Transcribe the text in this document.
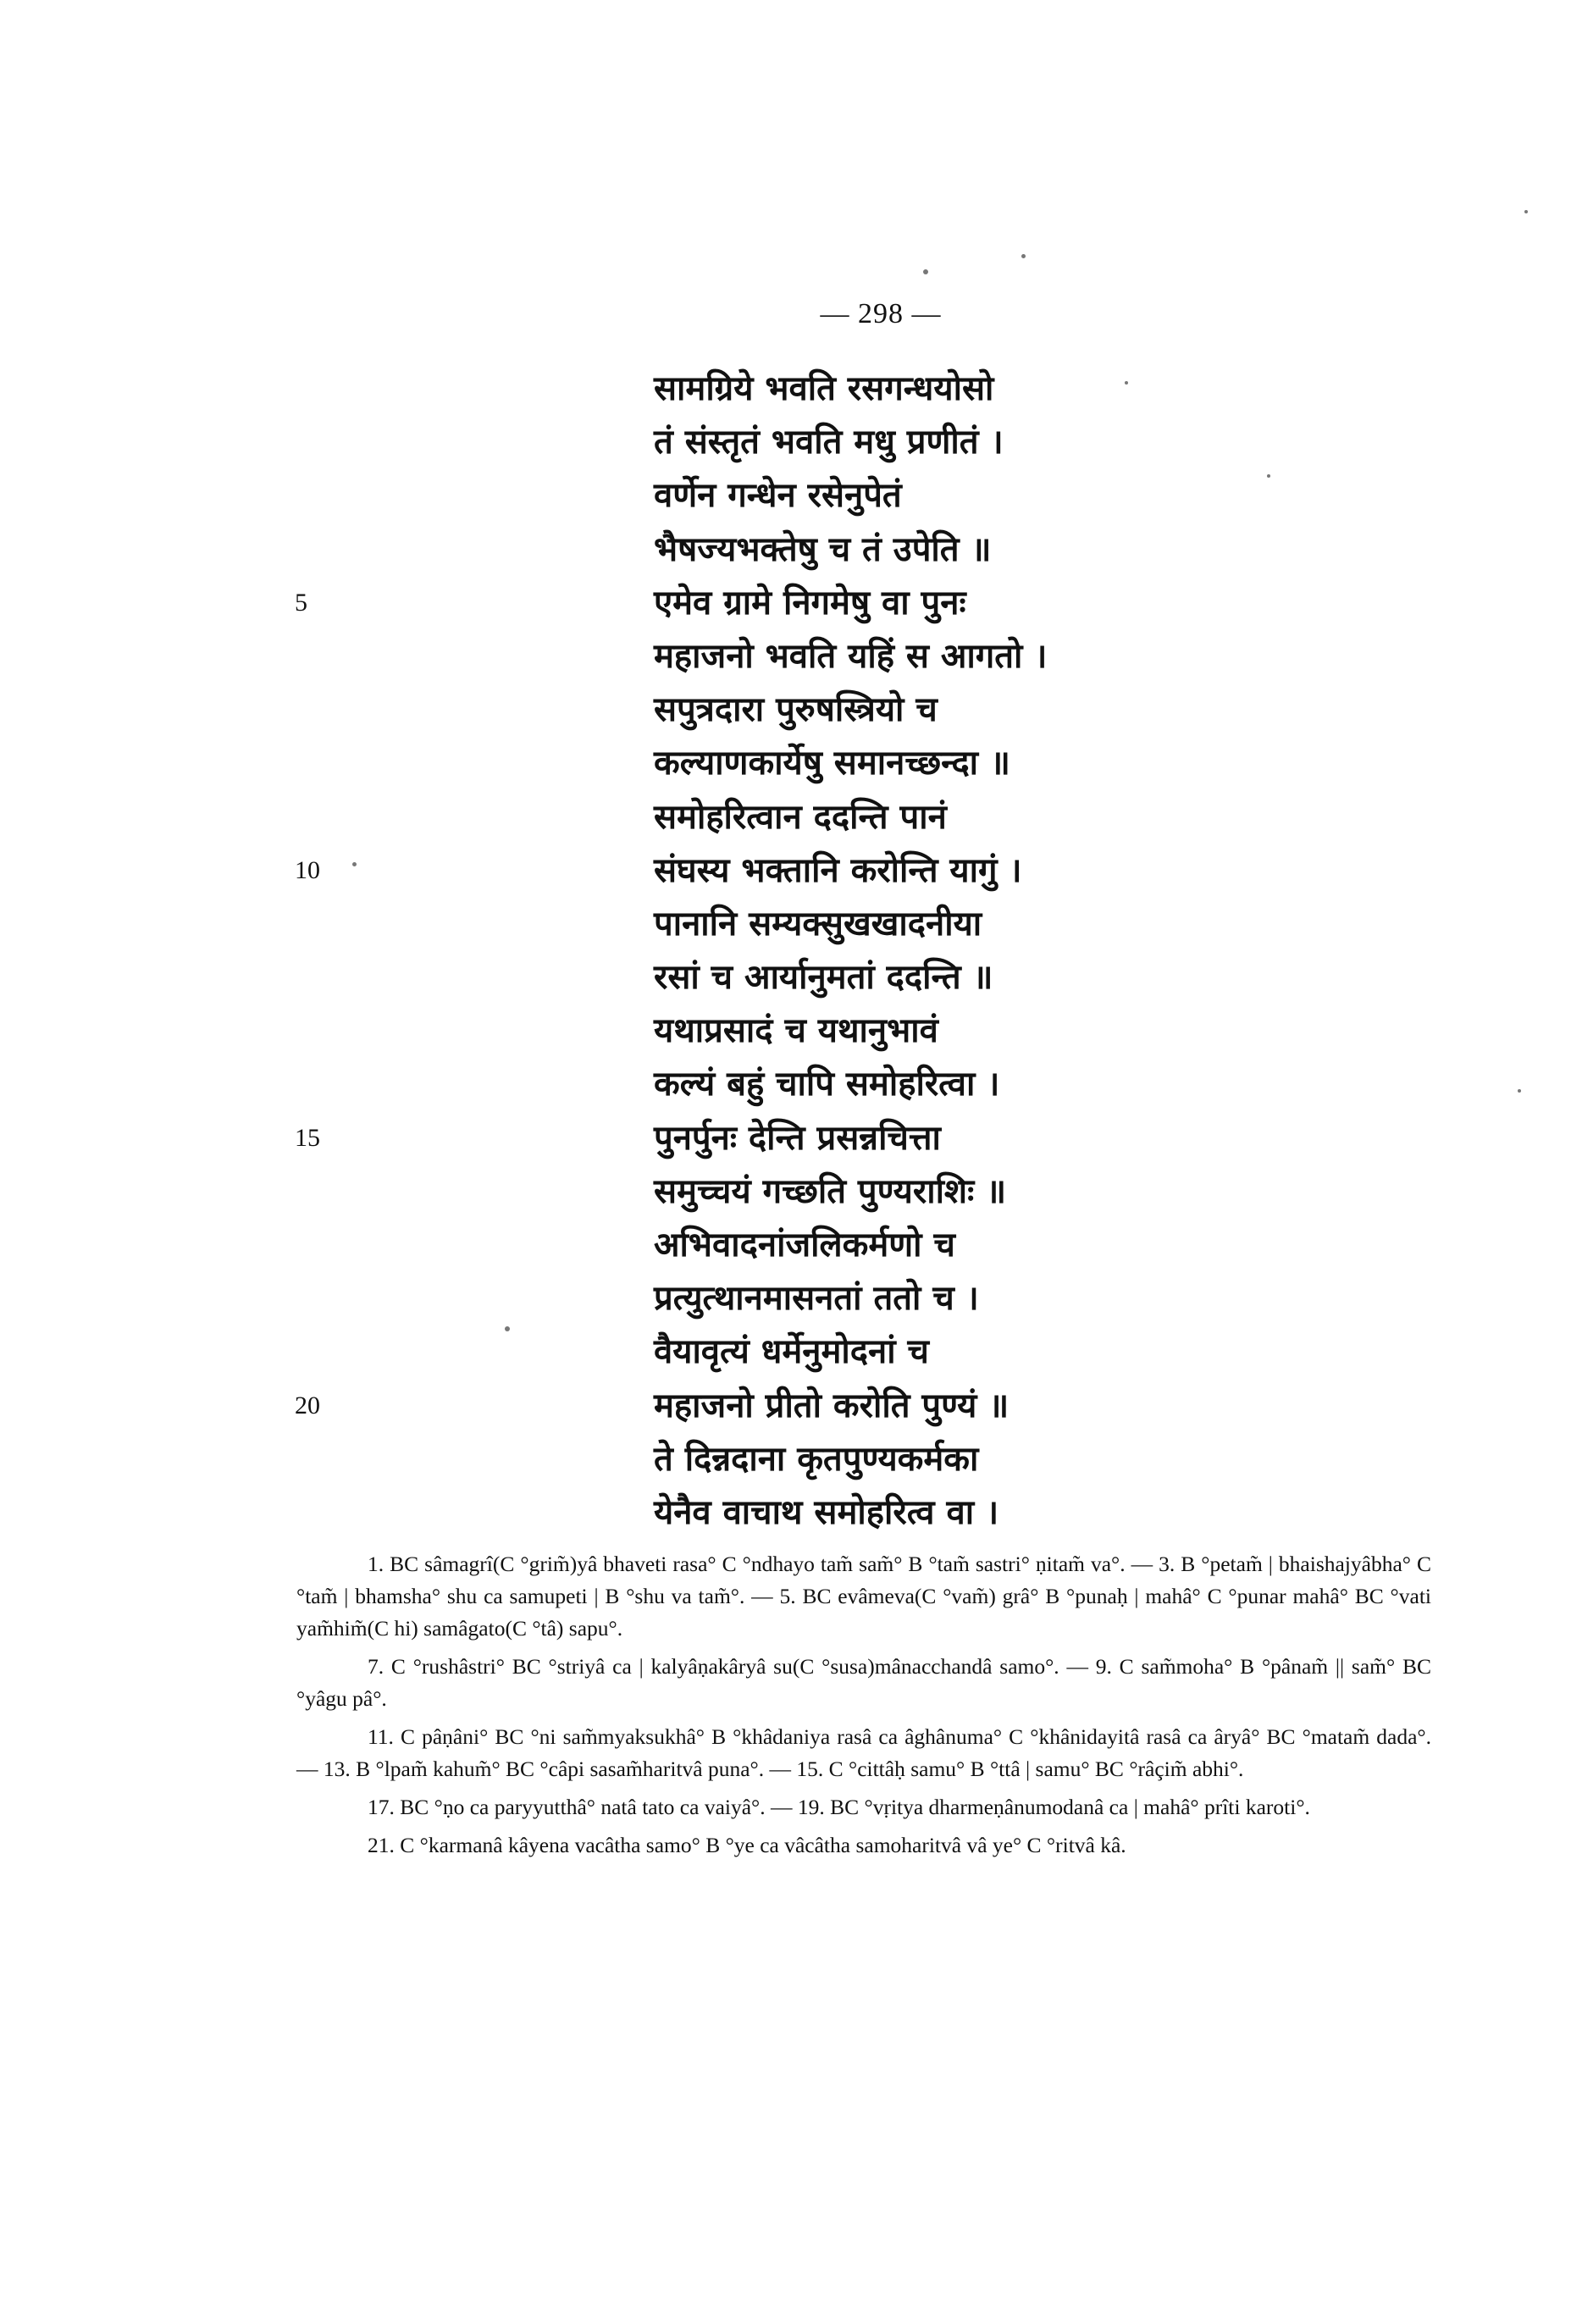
— 298 —
सामग्रिये भवति रसगन्धयोसो
तं संस्तृतं भवति मधु प्रणीतं ।
वर्णेन गन्धेन रसेनुपेतं
भैषज्यभक्तेषु च तं उपेति ॥
एमेव ग्रामे निगमेषु वा पुनः
महाजनो भवति यहिं स आगतो ।
सपुत्रदारा पुरुषस्त्रियो च
कल्याणकार्येषु समानच्छन्दा ॥
समोहरित्वान ददन्ति पानं
संघस्य भक्तानि करोन्ति यागुं ।
पानानि सम्यक्सुखखादनीया
रसां च आर्यानुमतां ददन्ति ॥
यथाप्रसादं च यथानुभावं
कल्यं बहुं चापि समोहरित्वा ।
पुनर्पुनः देन्ति प्रसन्नचित्ता
समुच्चयं गच्छति पुण्यराशिः ॥
अभिवादनांजलिकर्मणो च
प्रत्युत्थानमासनतां ततो च ।
वैयावृत्यं धर्मेनुमोदनां च
महाजनो प्रीतो करोति पुण्यं ॥
ते दिन्नदाना कृतपुण्यकर्मका
येनैव वाचाथ समोहरित्व वा ।
5
10
15
20

1. BC sâmagrî(C °grim̃)yâ bhaveti rasa° C °ndhayo tam̃ sam̃° B °tam̃ sastri° ṇitam̃ va°. — 3. B °petam̃ | bhaishajyâbha° C °tam̃ | bhamsha° shu ca samupeti | B °shu va tam̃°. — 5. BC evâmeva(C °vam̃) grâ° B °punaḥ | mahâ° C °punar mahâ° BC °vati yam̃him̃(C hi) samâgato(C °tâ) sapu°.

7. C °rushâstri° BC °striyâ ca | kalyâṇakâryâ su(C °susa)mânacchandâ samo°. — 9. C sam̃moha° B °pânam̃ || sam̃° BC °yâgu pâ°.

11. C pâṇâni° BC °ni sam̃myaksukhâ° B °khâdaniya rasâ ca âghânuma° C °khânidayitâ rasâ ca âryâ° BC °matam̃ dada°. — 13. B °lpam̃ kahum̃° BC °câpi sasam̃haritvâ puna°. — 15. C °cittâḥ samu° B °ttâ | samu° BC °râçim̃ abhi°.

17. BC °ṇo ca paryyutthâ° natâ tato ca vaiyâ°. — 19. BC °vṛitya dharmeṇânumodanâ ca | mahâ° prîti karoti°.

21. C °karmanâ kâyena vacâtha samo° B °ye ca vâcâtha samoharitvâ vâ ye° C °ritvâ kâ.
